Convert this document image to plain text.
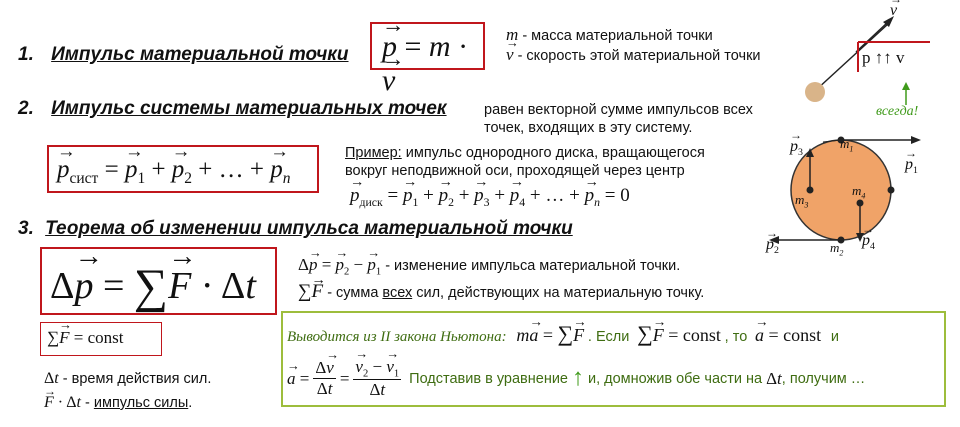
1. Импульс материальной точки → p = m · → v
m - масса материальной точки
→ v - скорость этой материальной точки
→ v
p ↑↑ v
всегда!
2. Импульс системы материальных точек	равен векторной сумме импульсов всех
точек, входящих в эту систему.
→ $p_{сист}$ = → $p_1$ + → $p_2$ + … + → $p_n$
Пример: импульс однородного диска, вращающегося
вокруг неподвижной оси, проходящей через центр
→ $p_{диск}$ = → $p_1$ + → $p_2$ + → $p_3$ + → $p_4$ + … + → $p_n = 0$
→ $p_3$
$m_1$
→ $p_1$
$m_4$
$m_3$
→ $p_2$	$m_2$
→ $p_4$
3. Теорема об изменении импульса материальной точки
Δ→ p = ∑→ F · Δt
Δ→ p = → $p_2$ − → $p_1$ - изменение импульса материальной точки.
∑→ F - сумма всех сил, действующих на материальную точку.
∑→ F = const
Δt - время действия сил.
→ F · Δt - импульс силы.
Выводится из II закона Ньютона: m→ a = ∑→ F . Если ∑→ F = const , то → a = const и
→ $a = \frac{\Delta\to v}{\Delta t}$ = → $\frac{v_2 - \to v_1}{\Delta t}$ Подставив в уравнение ↑ и, домножив обе части на Δt , получим …
